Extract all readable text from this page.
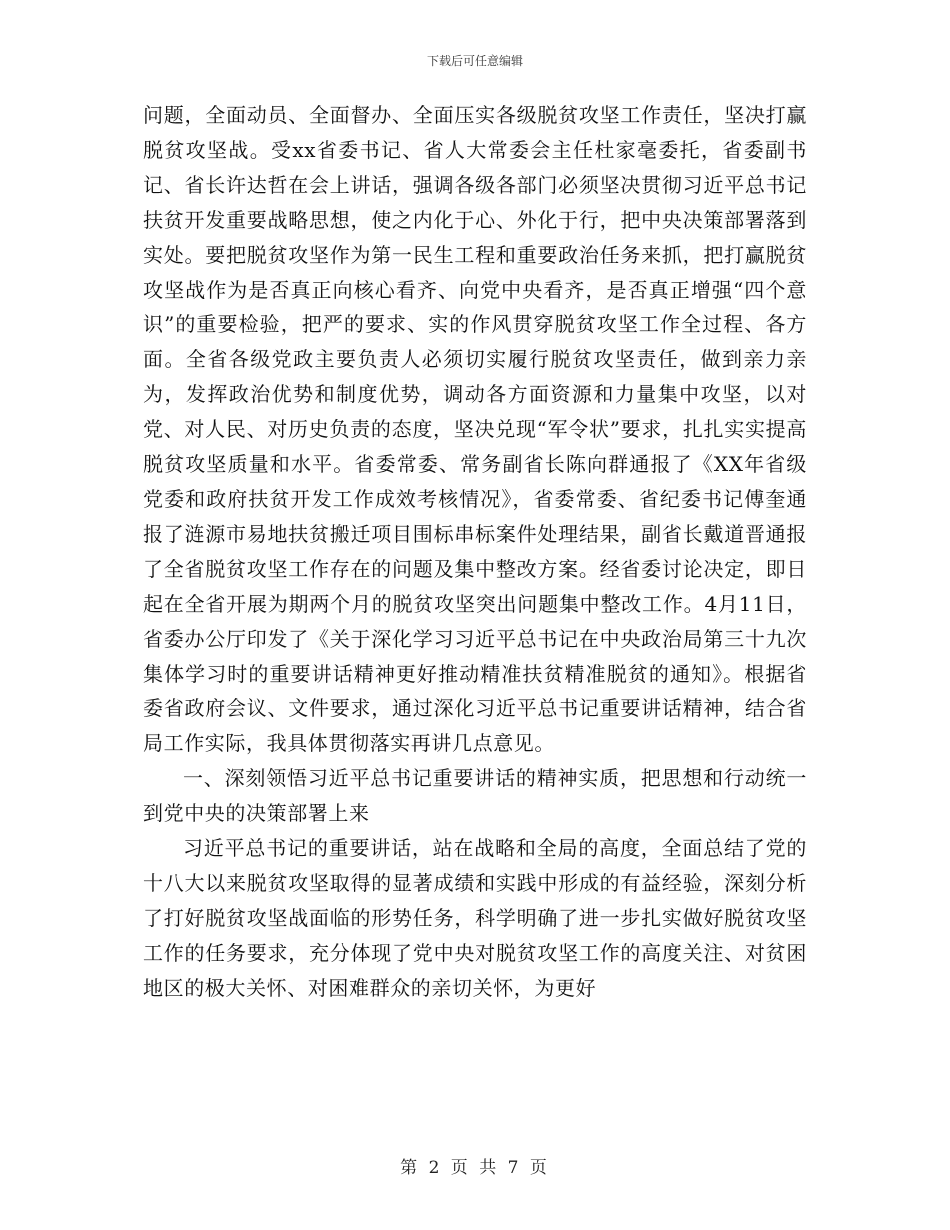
下载后可任意编辑

问题，全面动员、全面督办、全面压实各级脱贫攻坚工作责任，坚决打赢脱贫攻坚战。受xx省委书记、省人大常委会主任杜家毫委托，省委副书记、省长许达哲在会上讲话，强调各级各部门必须坚决贯彻习近平总书记扶贫开发重要战略思想，使之内化于心、外化于行，把中央决策部署落到实处。要把脱贫攻坚作为第一民生工程和重要政治任务来抓，把打赢脱贫攻坚战作为是否真正向核心看齐、向党中央看齐，是否真正增强“四个意识”的重要检验，把严的要求、实的作风贯穿脱贫攻坚工作全过程、各方面。全省各级党政主要负责人必须切实履行脱贫攻坚责任，做到亲力亲为，发挥政治优势和制度优势，调动各方面资源和力量集中攻坚，以对党、对人民、对历史负责的态度，坚决兑现“军令状”要求，扎扎实实提高脱贫攻坚质量和水平。省委常委、常务副省长陈向群通报了《XX年省级党委和政府扶贫开发工作成效考核情况》，省委常委、省纪委书记傅奎通报了涟源市易地扶贫搬迁项目围标串标案件处理结果，副省长戴道晋通报了全省脱贫攻坚工作存在的问题及集中整改方案。经省委讨论决定，即日起在全省开展为期两个月的脱贫攻坚突出问题集中整改工作。4月11日，省委办公厅印发了《关于深化学习习近平总书记在中央政治局第三十九次集体学习时的重要讲话精神更好推动精准扶贫精准脱贫的通知》。根据省委省政府会议、文件要求，通过深化习近平总书记重要讲话精神，结合省局工作实际，我具体贯彻落实再讲几点意见。

一、深刻领悟习近平总书记重要讲话的精神实质，把思想和行动统一到党中央的决策部署上来

习近平总书记的重要讲话，站在战略和全局的高度，全面总结了党的十八大以来脱贫攻坚取得的显著成绩和实践中形成的有益经验，深刻分析了打好脱贫攻坚战面临的形势任务，科学明确了进一步扎实做好脱贫攻坚工作的任务要求，充分体现了党中央对脱贫攻坚工作的高度关注、对贫困地区的极大关怀、对困难群众的亲切关怀，为更好

第 2 页 共 7 页
